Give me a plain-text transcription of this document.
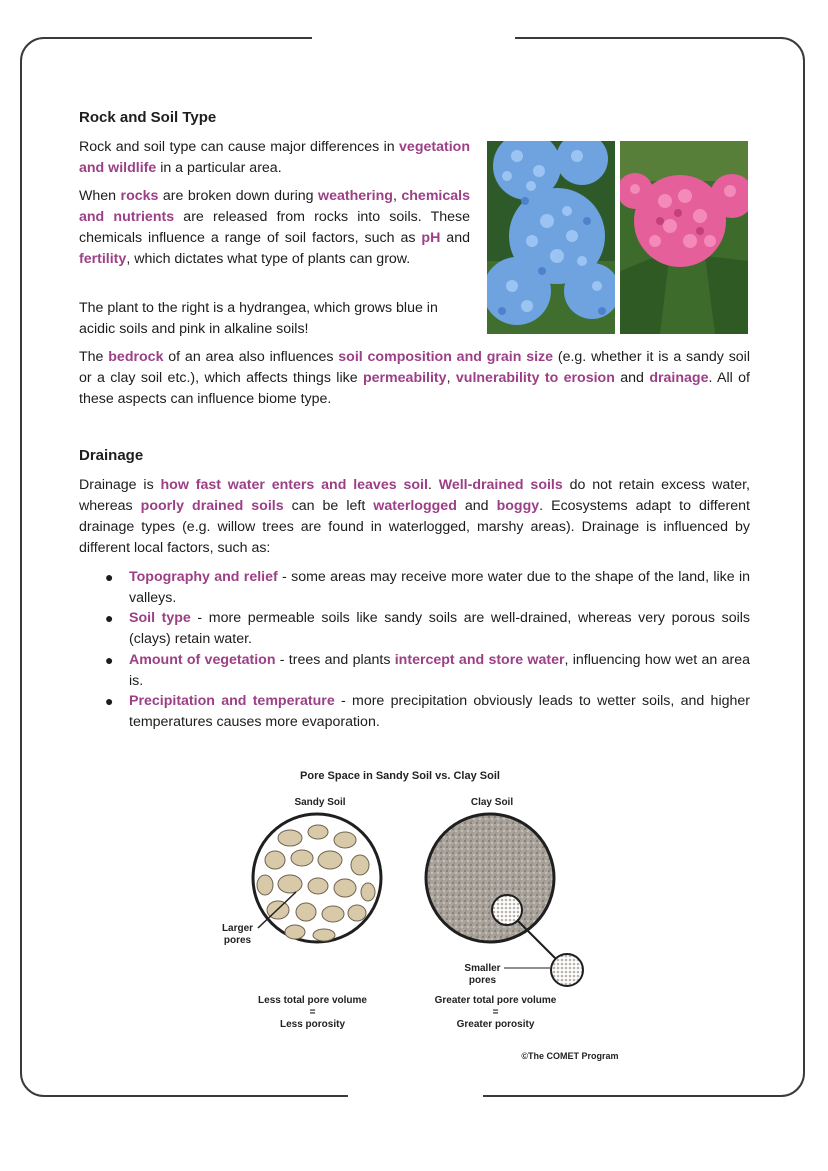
Rock and Soil Type

Rock and soil type can cause major differences in vegetation and wildlife in a particular area.

When rocks are broken down during weathering, chemicals and nutrients are released from rocks into soils. These chemicals influence a range of soil factors, such as pH and fertility, which dictates what type of plants can grow.

The plant to the right is a hydrangea, which grows blue in acidic soils and pink in alkaline soils!

The bedrock of an area also influences soil composition and grain size (e.g. whether it is a sandy soil or a clay soil etc.), which affects things like permeability, vulnerability to erosion and drainage. All of these aspects can influence biome type.

Drainage

Drainage is how fast water enters and leaves soil. Well-drained soils do not retain excess water, whereas poorly drained soils can be left waterlogged and boggy. Ecosystems adapt to different drainage types (e.g. willow trees are found in waterlogged, marshy areas). Drainage is influenced by different local factors, such as:

● Topography and relief - some areas may receive more water due to the shape of the land, like in valleys.
● Soil type - more permeable soils like sandy soils are well-drained, whereas very porous soils (clays) retain water.
● Amount of vegetation - trees and plants intercept and store water, influencing how wet an area is.
● Precipitation and temperature - more precipitation obviously leads to wetter soils, and higher temperatures causes more evaporation.
Pore Space in Sandy Soil vs. Clay Soil
Sandy Soil	Clay Soil
Larger
pores
Smaller
pores
Less total pore volume
=
Less porosity
Greater total pore volume
=
Greater porosity
©The COMET Program
